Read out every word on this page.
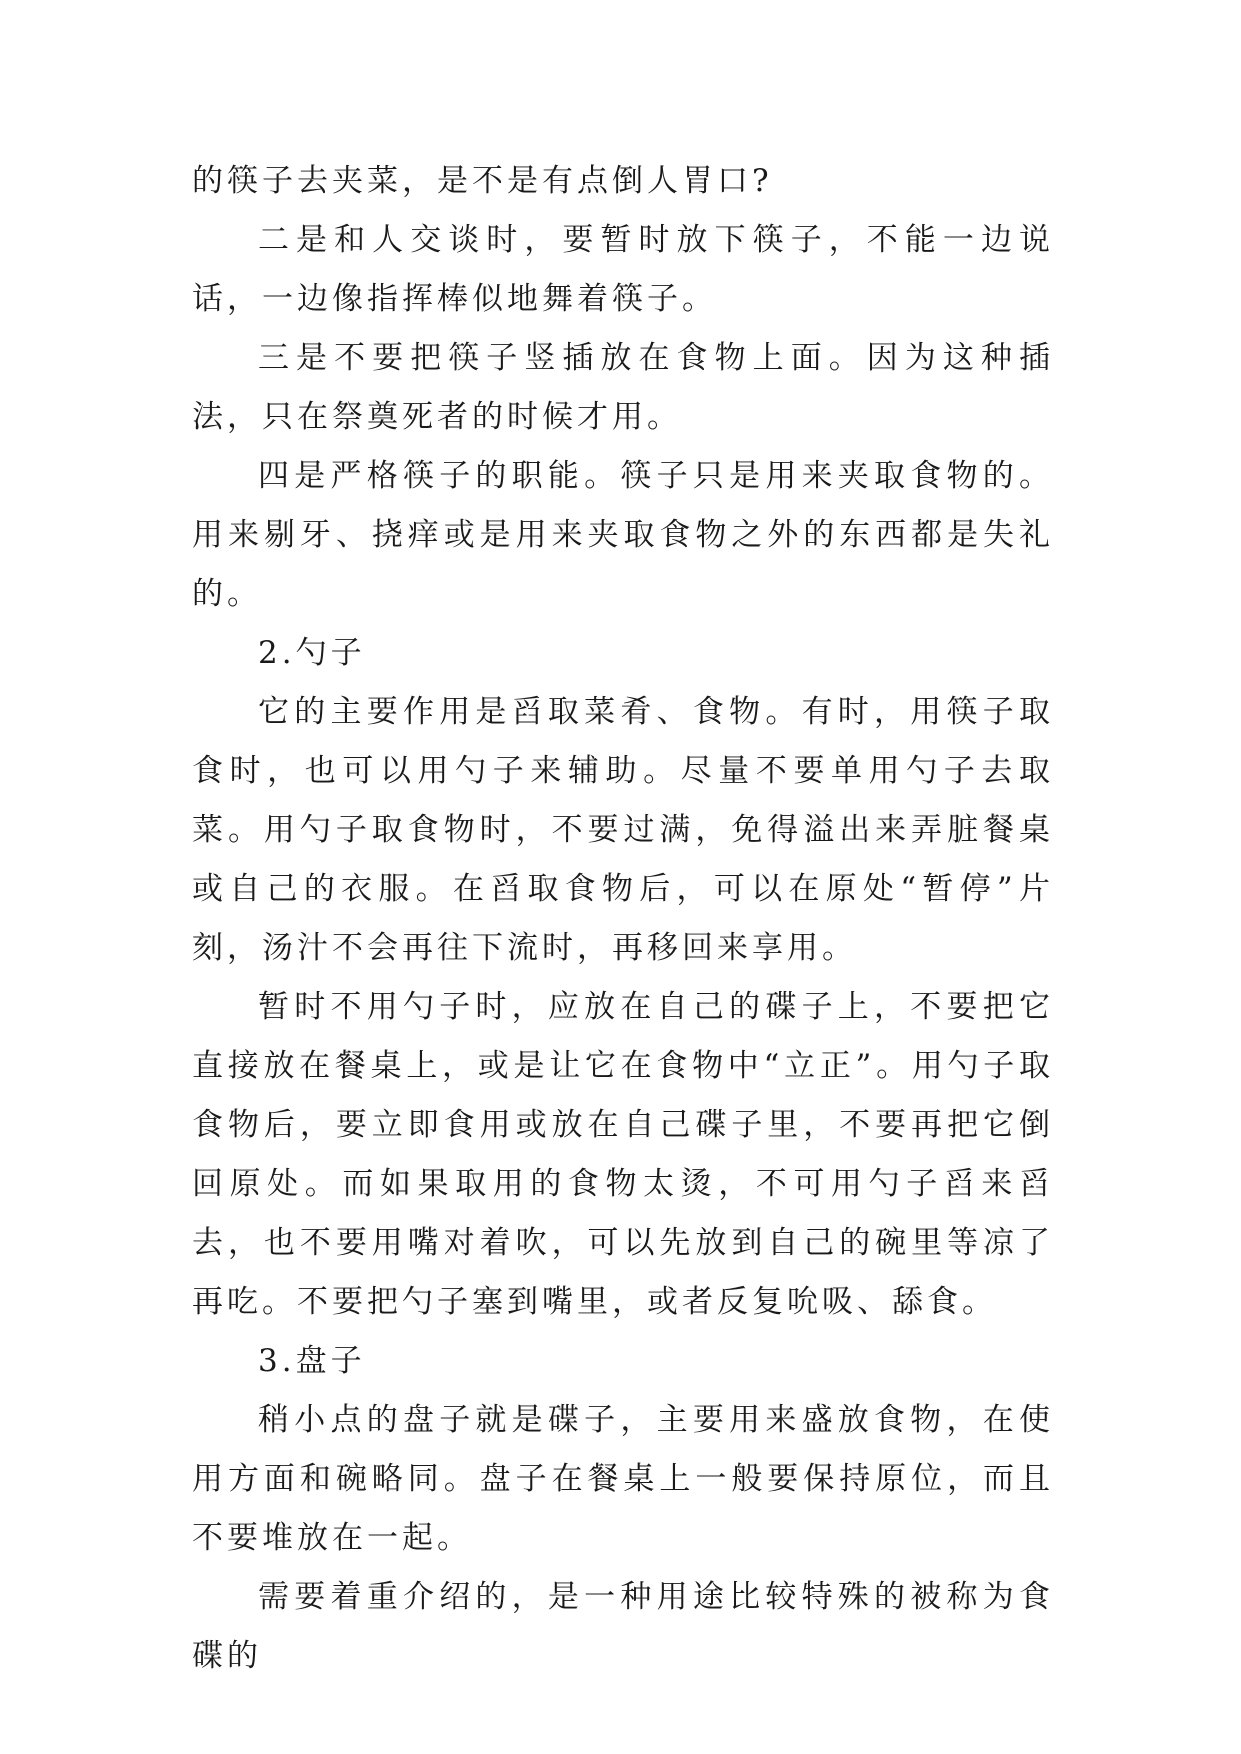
的筷子去夹菜，是不是有点倒人胃口?

二是和人交谈时，要暂时放下筷子，不能一边说话，一边像指挥棒似地舞着筷子。

三是不要把筷子竖插放在食物上面。因为这种插法，只在祭奠死者的时候才用。

四是严格筷子的职能。筷子只是用来夹取食物的。用来剔牙、挠痒或是用来夹取食物之外的东西都是失礼的。

2.勺子

它的主要作用是舀取菜肴、食物。有时，用筷子取食时，也可以用勺子来辅助。尽量不要单用勺子去取菜。用勺子取食物时，不要过满，免得溢出来弄脏餐桌或自己的衣服。在舀取食物后，可以在原处“暂停”片刻，汤汁不会再往下流时，再移回来享用。

暂时不用勺子时，应放在自己的碟子上，不要把它直接放在餐桌上，或是让它在食物中“立正”。用勺子取食物后，要立即食用或放在自己碟子里，不要再把它倒回原处。而如果取用的食物太烫，不可用勺子舀来舀去，也不要用嘴对着吹，可以先放到自己的碗里等凉了再吃。不要把勺子塞到嘴里，或者反复吮吸、舔食。

3.盘子

稍小点的盘子就是碟子，主要用来盛放食物，在使用方面和碗略同。盘子在餐桌上一般要保持原位，而且不要堆放在一起。

需要着重介绍的，是一种用途比较特殊的被称为食碟的
